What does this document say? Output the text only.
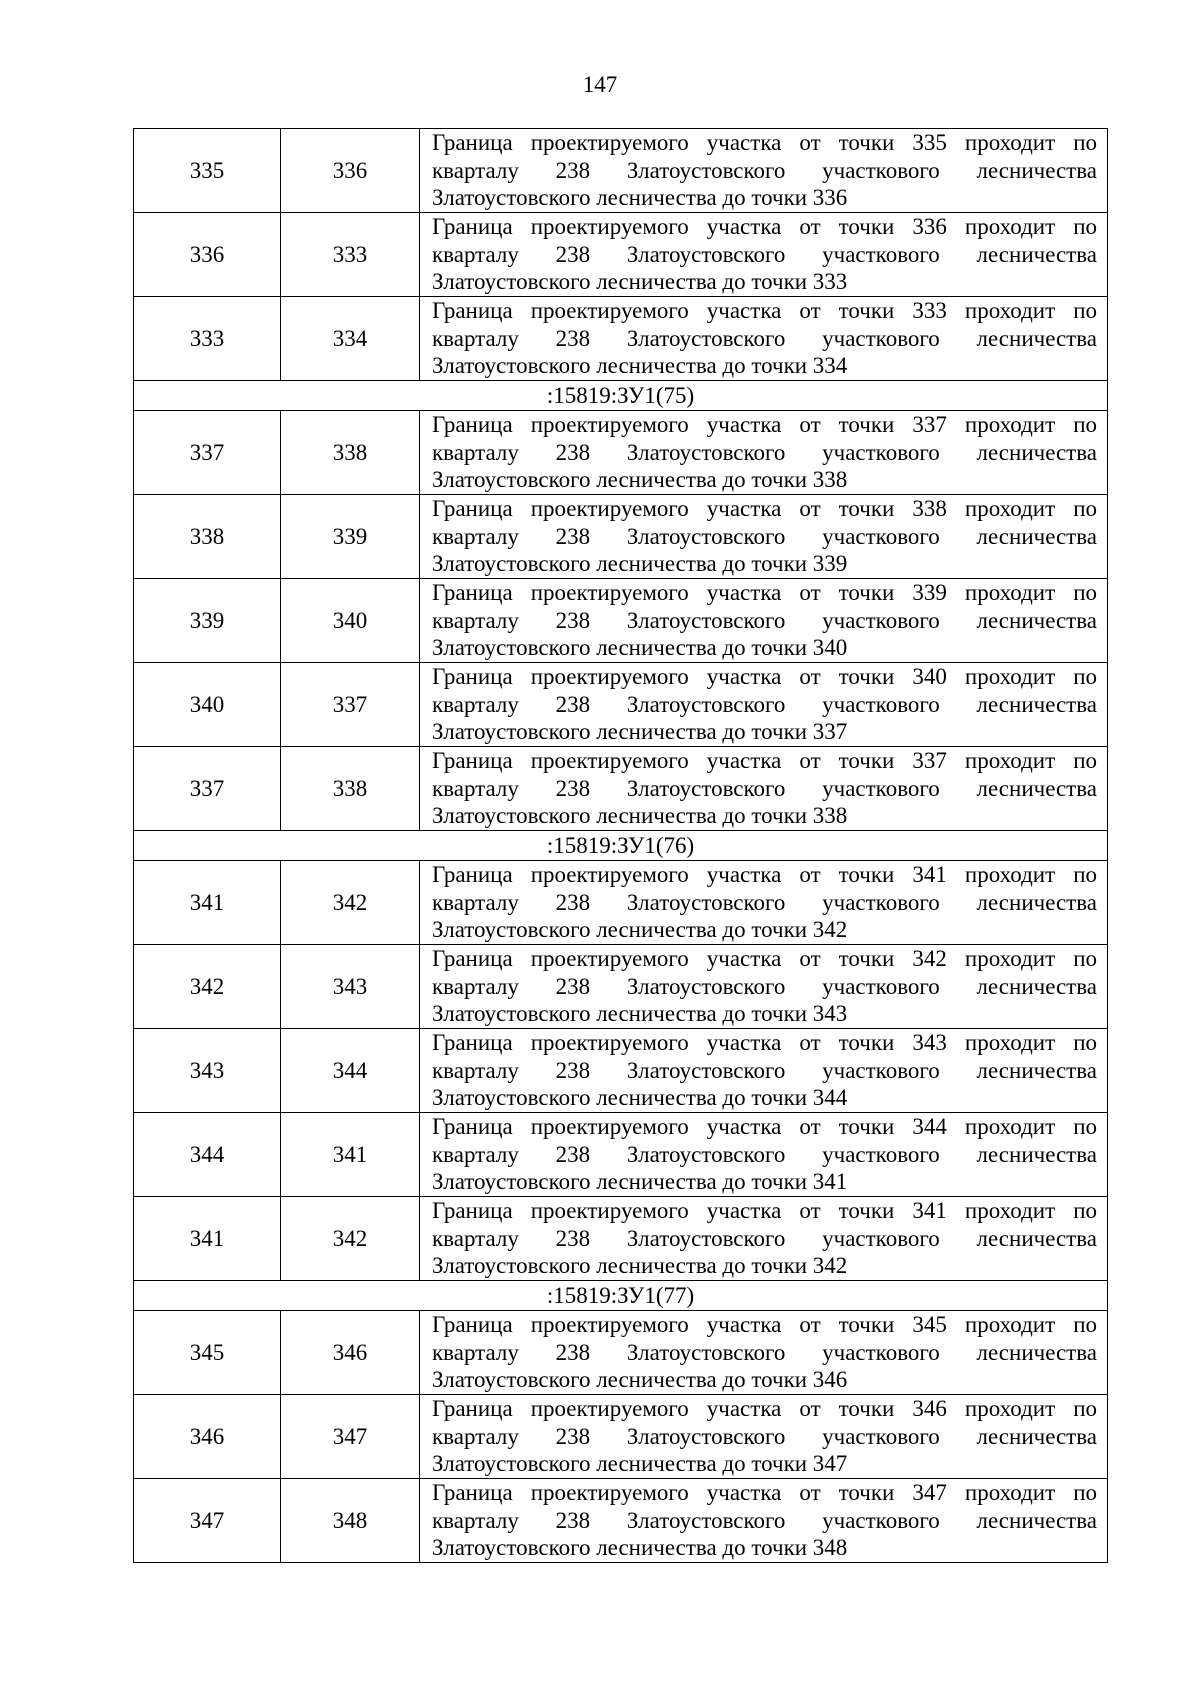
147
335	336	Граница проектируемого участка от точки 335 проходит по кварталу 238 Златоустовского участкового лесничества Златоустовского лесничества до точки 336
336	333	Граница проектируемого участка от точки 336 проходит по кварталу 238 Златоустовского участкового лесничества Златоустовского лесничества до точки 333
333	334	Граница проектируемого участка от точки 333 проходит по кварталу 238 Златоустовского участкового лесничества Златоустовского лесничества до точки 334
:15819:ЗУ1(75)		
337	338	Граница проектируемого участка от точки 337 проходит по кварталу 238 Златоустовского участкового лесничества Златоустовского лесничества до точки 338
338	339	Граница проектируемого участка от точки 338 проходит по кварталу 238 Златоустовского участкового лесничества Златоустовского лесничества до точки 339
339	340	Граница проектируемого участка от точки 339 проходит по кварталу 238 Златоустовского участкового лесничества Златоустовского лесничества до точки 340
340	337	Граница проектируемого участка от точки 340 проходит по кварталу 238 Златоустовского участкового лесничества Златоустовского лесничества до точки 337
337	338	Граница проектируемого участка от точки 337 проходит по кварталу 238 Златоустовского участкового лесничества Златоустовского лесничества до точки 338
:15819:ЗУ1(76)		
341	342	Граница проектируемого участка от точки 341 проходит по кварталу 238 Златоустовского участкового лесничества Златоустовского лесничества до точки 342
342	343	Граница проектируемого участка от точки 342 проходит по кварталу 238 Златоустовского участкового лесничества Златоустовского лесничества до точки 343
343	344	Граница проектируемого участка от точки 343 проходит по кварталу 238 Златоустовского участкового лесничества Златоустовского лесничества до точки 344
344	341	Граница проектируемого участка от точки 344 проходит по кварталу 238 Златоустовского участкового лесничества Златоустовского лесничества до точки 341
341	342	Граница проектируемого участка от точки 341 проходит по кварталу 238 Златоустовского участкового лесничества Златоустовского лесничества до точки 342
:15819:ЗУ1(77)		
345	346	Граница проектируемого участка от точки 345 проходит по кварталу 238 Златоустовского участкового лесничества Златоустовского лесничества до точки 346
346	347	Граница проектируемого участка от точки 346 проходит по кварталу 238 Златоустовского участкового лесничества Златоустовского лесничества до точки 347
347	348	Граница проектируемого участка от точки 347 проходит по кварталу 238 Златоустовского участкового лесничества Златоустовского лесничества до точки 348
